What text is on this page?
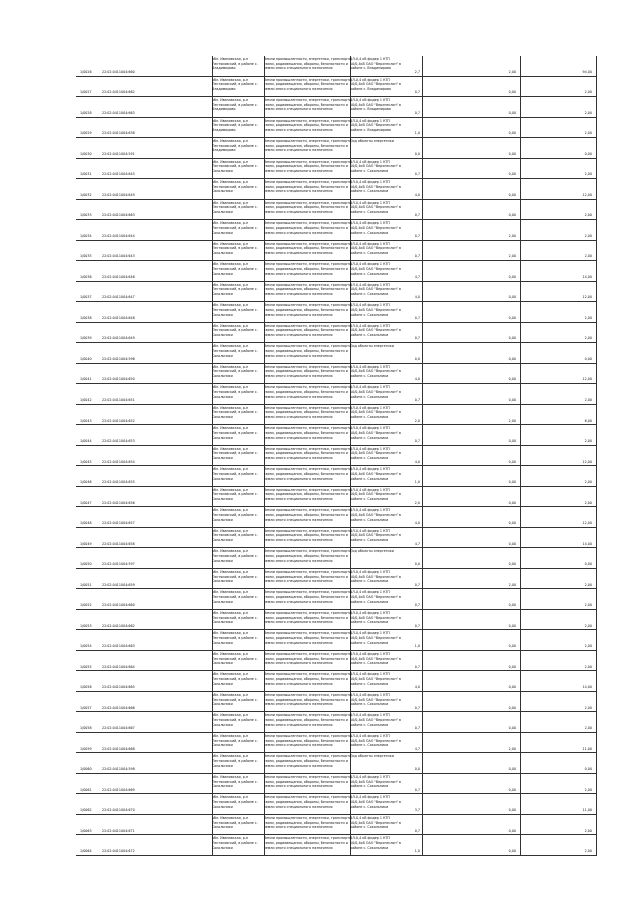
1/0026	22:02:0411004:660
обл. Ивановская, р-н Пестяковский, в районе с. Владимирово
Земли промышленности, энергетики, транспорта, связи, радиовещания, обороны, безопасности и земли иного специального назначения
ВЛ-0,4 кВ фидер 1 КТП 10/0,4кВ ОАО "Верхнеслон" в районе с. Владимирово
2,7	2,00	94,00
1/0027	22:02:0411004:662
обл. Ивановская, р-н Пестяковский, в районе с. Владимирово
Земли промышленности, энергетики, транспорта, связи, радиовещания, обороны, безопасности и земли иного специального назначения
ВЛ-0,4 кВ фидер 1 КТП 10/0,4кВ ОАО "Верхнеслон" в районе с. Владимирово
0,7	0,00	2,00
1/0028	22:02:0411004:663
обл. Ивановская, р-н Пестяковский, в районе с. Владимирово
Земли промышленности, энергетики, транспорта, связи, радиовещания, обороны, безопасности и земли иного специального назначения
ВЛ-0,4 кВ фидер 1 КТП 10/0,4кВ ОАО "Верхнеслон" в районе с. Владимирово
0,7	0,00	2,00
1/0029	22:02:0411004:638
обл. Ивановская, р-н Пестяковский, в районе с. Владимирово
Земли промышленности, энергетики, транспорта, связи, радиовещания, обороны, безопасности и земли иного специального назначения
ВЛ-0,4 кВ фидер 1 КТП 10/0,4кВ ОАО "Верхнеслон" в районе с. Владимирово
1,0	0,00	2,00
1/0030	22:02:0411004:591
обл. Ивановская, р-н Пестяковский, в районе с. Владимирово
Земли промышленности, энергетики, транспорта, связи, радиовещания, обороны, безопасности и земли иного специального назначения
Под объекты энергетики
0,0	0,00	0,00
1/0031	22:02:0411004:645
обл. Ивановская, р-н Пестяковский, в районе с. Сокольники
Земли промышленности, энергетики, транспорта, связи, радиовещания, обороны, безопасности и земли иного специального назначения
ВЛ-0,4 кВ фидер 1 КТП 10/0,4кВ ОАО "Верхнеслон" в районе с. Сокольники
0,7	0,00	2,00
1/0032	22:02:0411004:649
обл. Ивановская, р-н Пестяковский, в районе с. Сокольники
Земли промышленности, энергетики, транспорта, связи, радиовещания, обороны, безопасности и земли иного специального назначения
ВЛ-0,4 кВ фидер 1 КТП 10/0,4кВ ОАО "Верхнеслон" в районе с. Сокольники
4,0	0,00	12,00
1/0033	22:02:0411004:663
обл. Ивановская, р-н Пестяковский, в районе с. Сокольники
Земли промышленности, энергетики, транспорта, связи, радиовещания, обороны, безопасности и земли иного специального назначения
ВЛ-0,4 кВ фидер 1 КТП 10/0,4кВ ОАО "Верхнеслон" в районе с. Сокольники
0,7	0,00	2,00
1/0034	22:02:0411004:644
обл. Ивановская, р-н Пестяковский, в районе с. Сокольники
Земли промышленности, энергетики, транспорта, связи, радиовещания, обороны, безопасности и земли иного специального назначения
ВЛ-0,4 кВ фидер 1 КТП 10/0,4кВ ОАО "Верхнеслон" в районе с. Сокольники
0,7	2,00	2,00
1/0035	22:02:0411004:643
обл. Ивановская, р-н Пестяковский, в районе с. Сокольники
Земли промышленности, энергетики, транспорта, связи, радиовещания, обороны, безопасности и земли иного специального назначения
ВЛ-0,4 кВ фидер 1 КТП 10/0,4кВ ОАО "Верхнеслон" в районе с. Сокольники
0,7	2,00	2,00
1/0036	22:02:0411004:646
обл. Ивановская, р-н Пестяковский, в районе с. Сокольники
Земли промышленности, энергетики, транспорта, связи, радиовещания, обороны, безопасности и земли иного специального назначения
ВЛ-0,4 кВ фидер 1 КТП 10/0,4кВ ОАО "Верхнеслон" в районе с. Сокольники
4,7	0,00	14,00
1/0037	22:02:0411004:647
обл. Ивановская, р-н Пестяковский, в районе с. Сокольники
Земли промышленности, энергетики, транспорта, связи, радиовещания, обороны, безопасности и земли иного специального назначения
ВЛ-0,4 кВ фидер 1 КТП 10/0,4кВ ОАО "Верхнеслон" в районе с. Сокольники
4,0	0,00	12,00
1/0038	22:02:0411004:648
обл. Ивановская, р-н Пестяковский, в районе с. Сокольники
Земли промышленности, энергетики, транспорта, связи, радиовещания, обороны, безопасности и земли иного специального назначения
ВЛ-0,4 кВ фидер 1 КТП 10/0,4кВ ОАО "Верхнеслон" в районе с. Сокольники
0,7	0,00	2,00
1/0039	22:02:0411004:649
обл. Ивановская, р-н Пестяковский, в районе с. Сокольники
Земли промышленности, энергетики, транспорта, связи, радиовещания, обороны, безопасности и земли иного специального назначения
ВЛ-0,4 кВ фидер 1 КТП 10/0,4кВ ОАО "Верхнеслон" в районе с. Сокольники
0,7	0,00	2,00
1/0040	22:02:0411004:596
обл. Ивановская, р-н Пестяковский, в районе с. Сокольники
Земли промышленности, энергетики, транспорта, связи, радиовещания, обороны, безопасности и земли иного специального назначения
Под объекты энергетики
0,0	0,00	0,00
1/0041	22:02:0411004:650
обл. Ивановская, р-н Пестяковский, в районе с. Сокольники
Земли промышленности, энергетики, транспорта, связи, радиовещания, обороны, безопасности и земли иного специального назначения
ВЛ-0,4 кВ фидер 1 КТП 10/0,4кВ ОАО "Верхнеслон" в районе с. Сокольники
4,0	0,00	12,00
1/0042	22:02:0411004:651
обл. Ивановская, р-н Пестяковский, в районе с. Сокольники
Земли промышленности, энергетики, транспорта, связи, радиовещания, обороны, безопасности и земли иного специального назначения
ВЛ-0,4 кВ фидер 1 КТП 10/0,4кВ ОАО "Верхнеслон" в районе с. Сокольники
0,7	0,00	2,00
1/0043	22:02:0411004:652
обл. Ивановская, р-н Пестяковский, в районе с. Сокольники
Земли промышленности, энергетики, транспорта, связи, радиовещания, обороны, безопасности и земли иного специального назначения
ВЛ-0,4 кВ фидер 1 КТП 10/0,4кВ ОАО "Верхнеслон" в районе с. Сокольники
2,0	2,00	6,00
1/0044	22:02:0411004:653
обл. Ивановская, р-н Пестяковский, в районе с. Сокольники
Земли промышленности, энергетики, транспорта, связи, радиовещания, обороны, безопасности и земли иного специального назначения
ВЛ-0,4 кВ фидер 1 КТП 10/0,4кВ ОАО "Верхнеслон" в районе с. Сокольники
0,7	0,00	2,00
1/0045	22:02:0411004:654
обл. Ивановская, р-н Пестяковский, в районе с. Сокольники
Земли промышленности, энергетики, транспорта, связи, радиовещания, обороны, безопасности и земли иного специального назначения
ВЛ-0,4 кВ фидер 1 КТП 10/0,4кВ ОАО "Верхнеслон" в районе с. Сокольники
4,0	0,00	12,00
1/0046	22:02:0411004:655
обл. Ивановская, р-н Пестяковский, в районе с. Сокольники
Земли промышленности, энергетики, транспорта, связи, радиовещания, обороны, безопасности и земли иного специального назначения
ВЛ-0,4 кВ фидер 1 КТП 10/0,4кВ ОАО "Верхнеслон" в районе с. Сокольники
1,0	0,00	2,00
1/0047	22:02:0411004:656
обл. Ивановская, р-н Пестяковский, в районе с. Сокольники
Земли промышленности, энергетики, транспорта, связи, радиовещания, обороны, безопасности и земли иного специального назначения
ВЛ-0,4 кВ фидер 1 КТП 10/0,4кВ ОАО "Верхнеслон" в районе с. Сокольники
2,0	0,00	2,00
1/0048	22:02:0411004:657
обл. Ивановская, р-н Пестяковский, в районе с. Сокольники
Земли промышленности, энергетики, транспорта, связи, радиовещания, обороны, безопасности и земли иного специального назначения
ВЛ-0,4 кВ фидер 1 КТП 10/0,4кВ ОАО "Верхнеслон" в районе с. Сокольники
4,0	0,00	12,00
1/0049	22:02:0411004:658
обл. Ивановская, р-н Пестяковский, в районе с. Сокольники
Земли промышленности, энергетики, транспорта, связи, радиовещания, обороны, безопасности и земли иного специального назначения
ВЛ-0,4 кВ фидер 1 КТП 10/0,4кВ ОАО "Верхнеслон" в районе с. Сокольники
4,7	0,00	14,00
1/0050	22:02:0411004:597
обл. Ивановская, р-н Пестяковский, в районе с. Сокольники
Земли промышленности, энергетики, транспорта, связи, радиовещания, обороны, безопасности и земли иного специального назначения
Под объекты энергетики
0,0	0,00	0,00
1/0051	22:02:0411004:659
обл. Ивановская, р-н Пестяковский, в районе с. Сокольники
Земли промышленности, энергетики, транспорта, связи, радиовещания, обороны, безопасности и земли иного специального назначения
ВЛ-0,4 кВ фидер 1 КТП 10/0,4кВ ОАО "Верхнеслон" в районе с. Сокольники
0,7	2,00	2,00
1/0052	22:02:0411004:660
обл. Ивановская, р-н Пестяковский, в районе с. Сокольники
Земли промышленности, энергетики, транспорта, связи, радиовещания, обороны, безопасности и земли иного специального назначения
ВЛ-0,4 кВ фидер 1 КТП 10/0,4кВ ОАО "Верхнеслон" в районе с. Сокольники
0,7	0,00	2,00
1/0053	22:02:0411004:662
обл. Ивановская, р-н Пестяковский, в районе с. Сокольники
Земли промышленности, энергетики, транспорта, связи, радиовещания, обороны, безопасности и земли иного специального назначения
ВЛ-0,4 кВ фидер 1 КТП 10/0,4кВ ОАО "Верхнеслон" в районе с. Сокольники
0,7	0,00	2,00
1/0054	22:02:0411004:663
обл. Ивановская, р-н Пестяковский, в районе с. Сокольники
Земли промышленности, энергетики, транспорта, связи, радиовещания, обороны, безопасности и земли иного специального назначения
ВЛ-0,4 кВ фидер 1 КТП 10/0,4кВ ОАО "Верхнеслон" в районе с. Сокольники
1,0	0,00	2,00
1/0055	22:02:0411004:664
обл. Ивановская, р-н Пестяковский, в районе с. Сокольники
Земли промышленности, энергетики, транспорта, связи, радиовещания, обороны, безопасности и земли иного специального назначения
ВЛ-0,4 кВ фидер 1 КТП 10/0,4кВ ОАО "Верхнеслон" в районе с. Сокольники
0,7	0,00	2,00
1/0056	22:02:0411004:665
обл. Ивановская, р-н Пестяковский, в районе с. Сокольники
Земли промышленности, энергетики, транспорта, связи, радиовещания, обороны, безопасности и земли иного специального назначения
ВЛ-0,4 кВ фидер 1 КТП 10/0,4кВ ОАО "Верхнеслон" в районе с. Сокольники
4,0	0,00	14,00
1/0057	22:02:0411004:666
обл. Ивановская, р-н Пестяковский, в районе с. Сокольники
Земли промышленности, энергетики, транспорта, связи, радиовещания, обороны, безопасности и земли иного специального назначения
ВЛ-0,4 кВ фидер 1 КТП 10/0,4кВ ОАО "Верхнеслон" в районе с. Сокольники
0,7	0,00	2,00
1/0058	22:02:0411004:667
обл. Ивановская, р-н Пестяковский, в районе с. Сокольники
Земли промышленности, энергетики, транспорта, связи, радиовещания, обороны, безопасности и земли иного специального назначения
ВЛ-0,4 кВ фидер 1 КТП 10/0,4кВ ОАО "Верхнеслон" в районе с. Сокольники
0,7	0,00	2,00
1/0059	22:02:0411004:668
обл. Ивановская, р-н Пестяковский, в районе с. Сокольники
Земли промышленности, энергетики, транспорта, связи, радиовещания, обороны, безопасности и земли иного специального назначения
ВЛ-0,4 кВ фидер 1 КТП 10/0,4кВ ОАО "Верхнеслон" в районе с. Сокольники
4,7	2,00	11,00
1/0060	22:02:0411004:598
обл. Ивановская, р-н Пестяковский, в районе с. Сокольники
Земли промышленности, энергетики, транспорта, связи, радиовещания, обороны, безопасности и земли иного специального назначения
Под объекты энергетики
0,0	0,00	0,00
1/0061	22:02:0411004:669
обл. Ивановская, р-н Пестяковский, в районе с. Сокольники
Земли промышленности, энергетики, транспорта, связи, радиовещания, обороны, безопасности и земли иного специального назначения
ВЛ-0,4 кВ фидер 1 КТП 10/0,4кВ ОАО "Верхнеслон" в районе с. Сокольники
0,7	0,00	2,00
1/0062	22:02:0411004:670
обл. Ивановская, р-н Пестяковский, в районе с. Сокольники
Земли промышленности, энергетики, транспорта, связи, радиовещания, обороны, безопасности и земли иного специального назначения
ВЛ-0,4 кВ фидер 1 КТП 10/0,4кВ ОАО "Верхнеслон" в районе с. Сокольники
3,7	0,00	11,00
1/0063	22:02:0411004:671
обл. Ивановская, р-н Пестяковский, в районе с. Сокольники
Земли промышленности, энергетики, транспорта, связи, радиовещания, обороны, безопасности и земли иного специального назначения
ВЛ-0,4 кВ фидер 1 КТП 10/0,4кВ ОАО "Верхнеслон" в районе с. Сокольники
0,7	0,00	2,00
1/0064	22:02:0411004:672
обл. Ивановская, р-н Пестяковский, в районе с. Сокольники
Земли промышленности, энергетики, транспорта, связи, радиовещания, обороны, безопасности и земли иного специального назначения
ВЛ-0,4 кВ фидер 1 КТП 10/0,4кВ ОАО "Верхнеслон" в районе с. Сокольники
1,0	0,00	2,00
